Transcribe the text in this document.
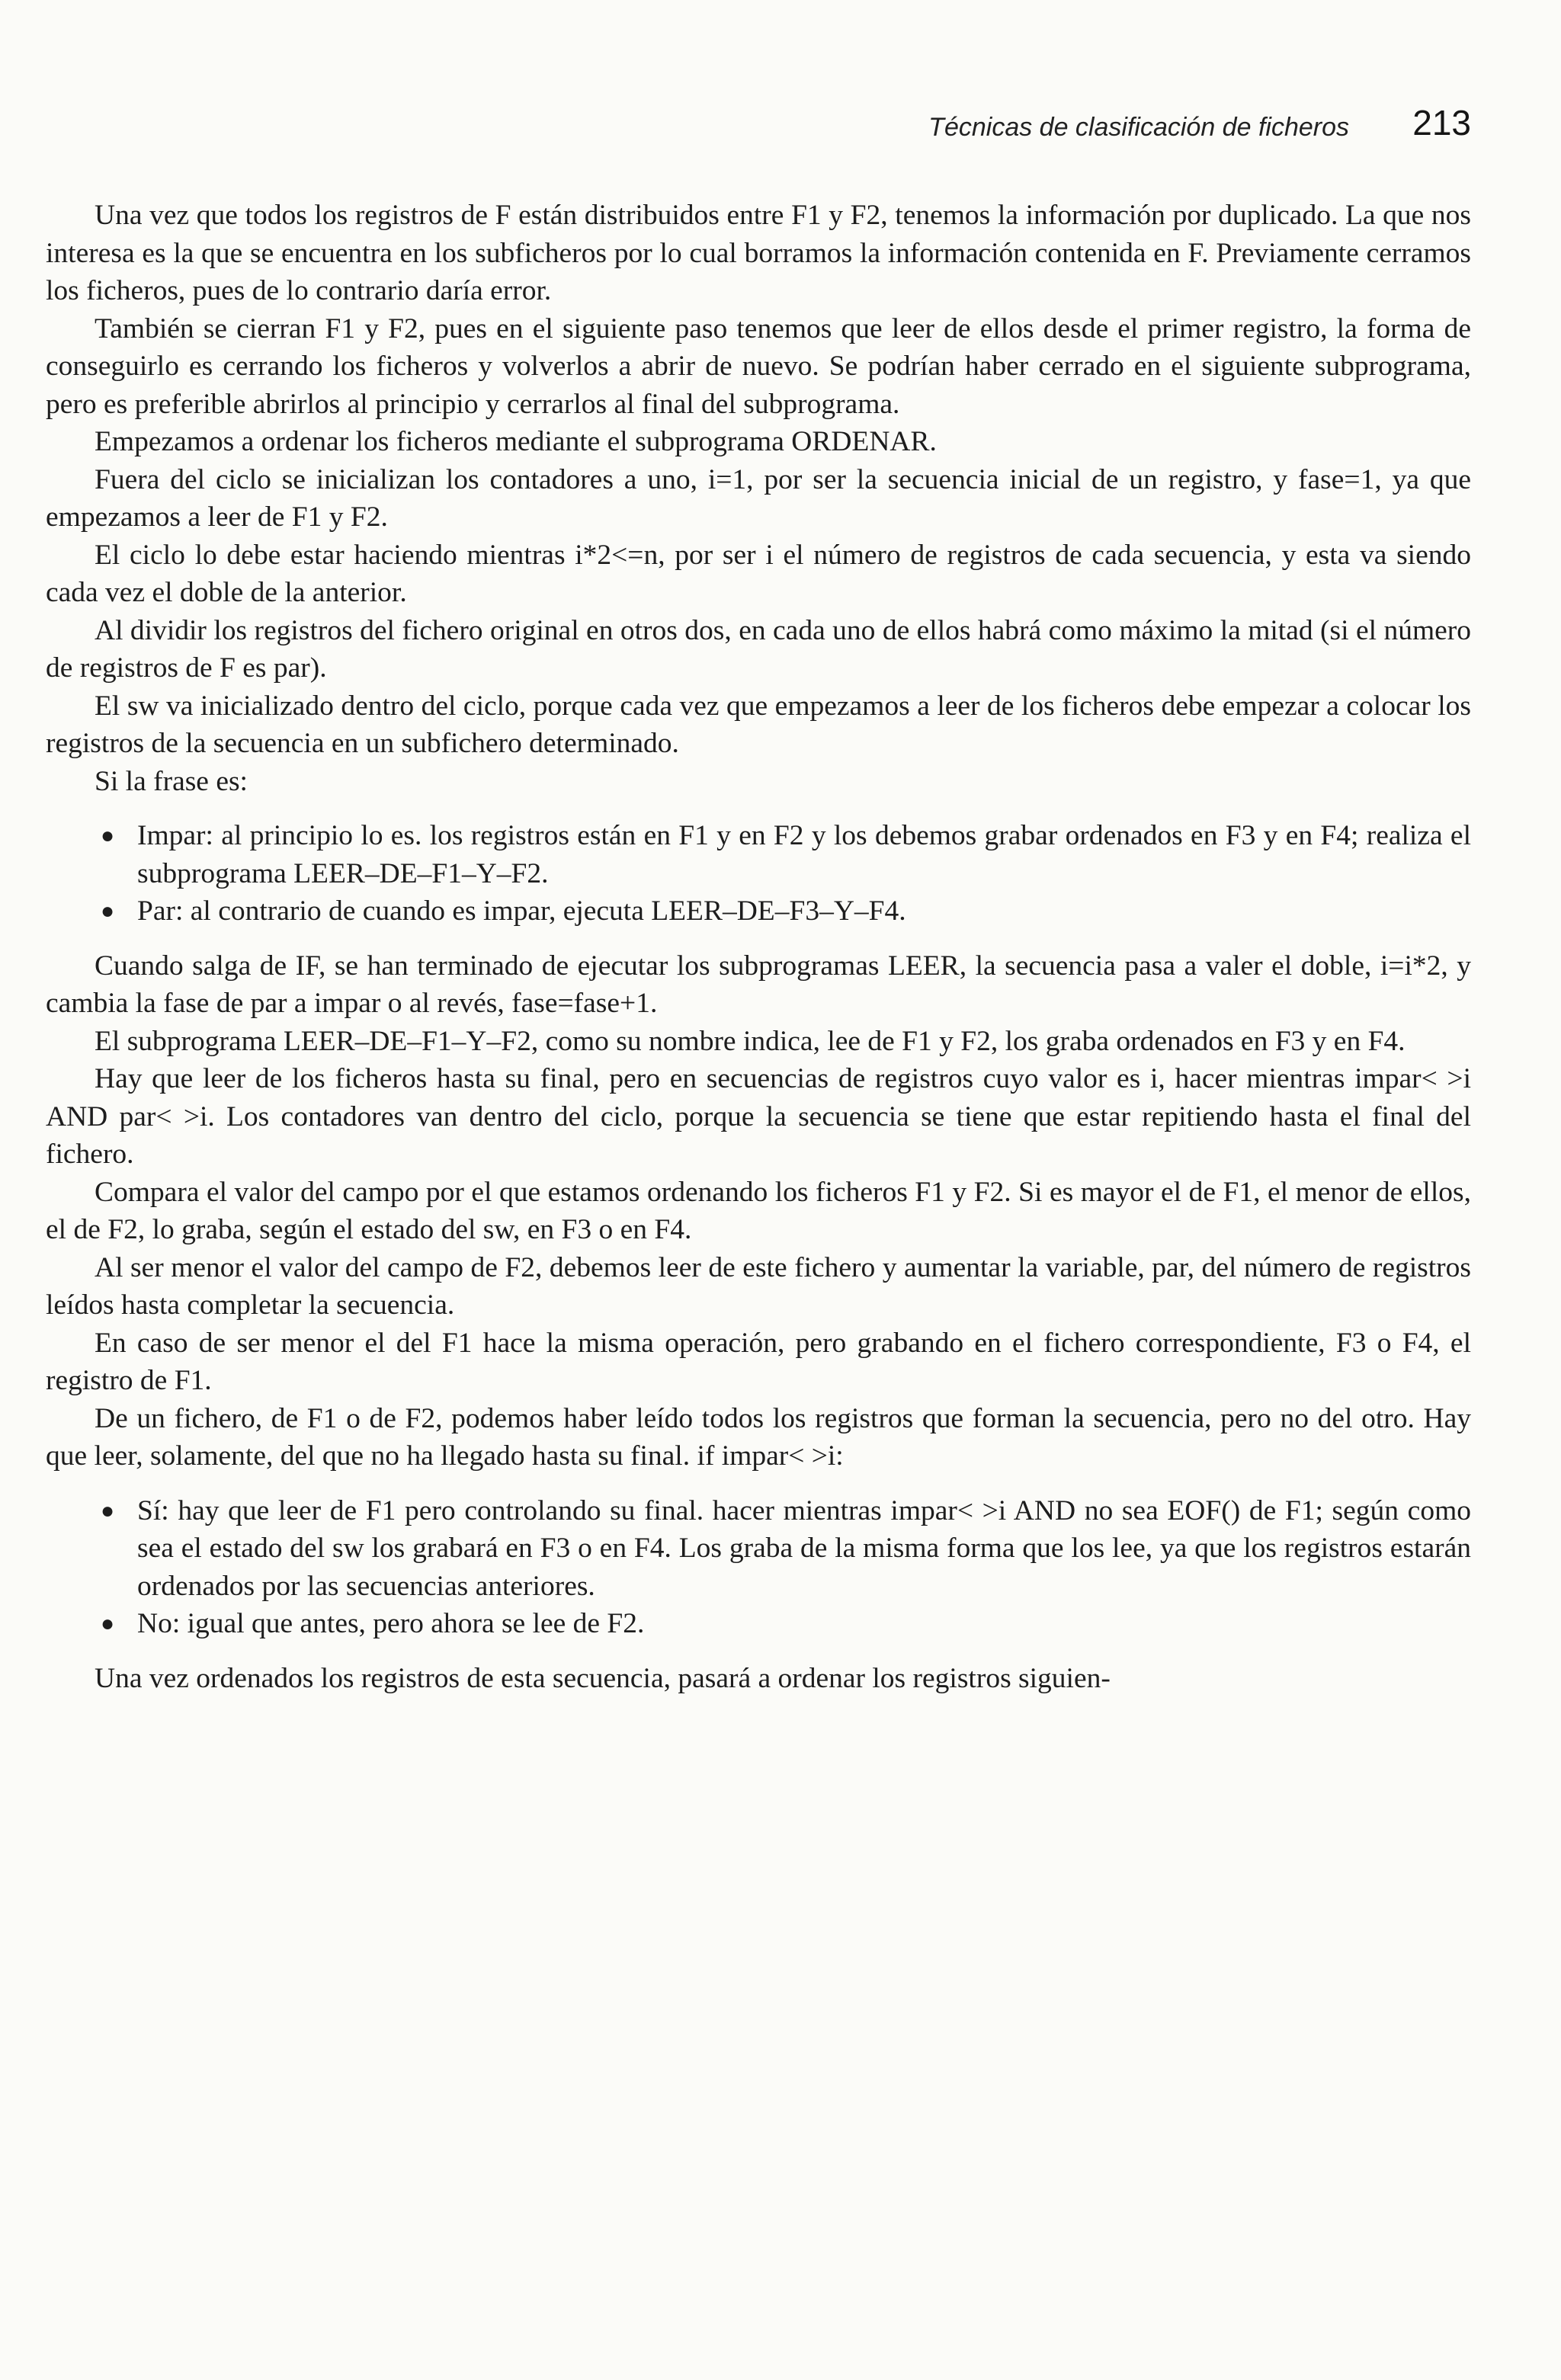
Técnicas de clasificación de ficheros 213

Una vez que todos los registros de F están distribuidos entre F1 y F2, tenemos la información por duplicado. La que nos interesa es la que se encuentra en los subficheros por lo cual borramos la información contenida en F. Previamente cerramos los ficheros, pues de lo contrario daría error.

También se cierran F1 y F2, pues en el siguiente paso tenemos que leer de ellos desde el primer registro, la forma de conseguirlo es cerrando los ficheros y volverlos a abrir de nuevo. Se podrían haber cerrado en el siguiente subprograma, pero es preferible abrirlos al principio y cerrarlos al final del subprograma.

Empezamos a ordenar los ficheros mediante el subprograma ORDENAR.

Fuera del ciclo se inicializan los contadores a uno, i=1, por ser la secuencia inicial de un registro, y fase=1, ya que empezamos a leer de F1 y F2.

El ciclo lo debe estar haciendo mientras i*2<=n, por ser i el número de registros de cada secuencia, y esta va siendo cada vez el doble de la anterior.

Al dividir los registros del fichero original en otros dos, en cada uno de ellos habrá como máximo la mitad (si el número de registros de F es par).

El sw va inicializado dentro del ciclo, porque cada vez que empezamos a leer de los ficheros debe empezar a colocar los registros de la secuencia en un subfichero determinado.

Si la frase es:

● Impar: al principio lo es. los registros están en F1 y en F2 y los debemos grabar ordenados en F3 y en F4; realiza el subprograma LEER–DE–F1–Y–F2.
● Par: al contrario de cuando es impar, ejecuta LEER–DE–F3–Y–F4.

Cuando salga de IF, se han terminado de ejecutar los subprogramas LEER, la secuencia pasa a valer el doble, i=i*2, y cambia la fase de par a impar o al revés, fase=fase+1.

El subprograma LEER–DE–F1–Y–F2, como su nombre indica, lee de F1 y F2, los graba ordenados en F3 y en F4.

Hay que leer de los ficheros hasta su final, pero en secuencias de registros cuyo valor es i, hacer mientras impar< >i AND par< >i. Los contadores van dentro del ciclo, porque la secuencia se tiene que estar repitiendo hasta el final del fichero.

Compara el valor del campo por el que estamos ordenando los ficheros F1 y F2. Si es mayor el de F1, el menor de ellos, el de F2, lo graba, según el estado del sw, en F3 o en F4.

Al ser menor el valor del campo de F2, debemos leer de este fichero y aumentar la variable, par, del número de registros leídos hasta completar la secuencia.

En caso de ser menor el del F1 hace la misma operación, pero grabando en el fichero correspondiente, F3 o F4, el registro de F1.

De un fichero, de F1 o de F2, podemos haber leído todos los registros que forman la secuencia, pero no del otro. Hay que leer, solamente, del que no ha llegado hasta su final. if impar< >i:

● Sí: hay que leer de F1 pero controlando su final. hacer mientras impar< >i AND no sea EOF() de F1; según como sea el estado del sw los grabará en F3 o en F4. Los graba de la misma forma que los lee, ya que los registros estarán ordenados por las secuencias anteriores.
● No: igual que antes, pero ahora se lee de F2.

Una vez ordenados los registros de esta secuencia, pasará a ordenar los registros siguien-
